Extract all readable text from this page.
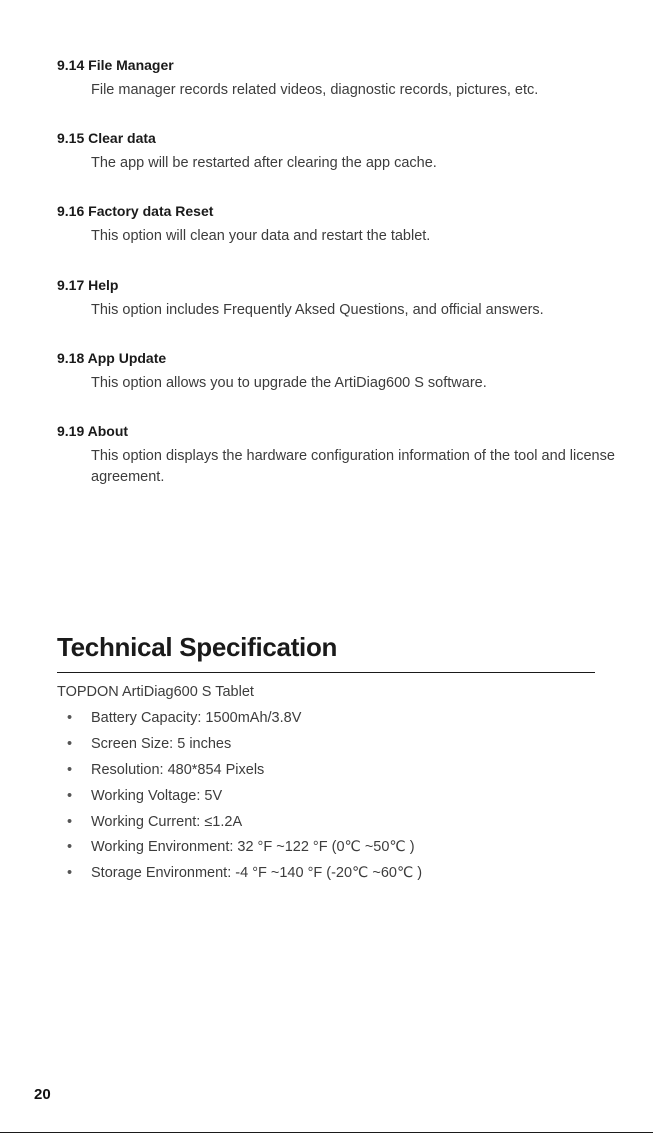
9.14 File Manager
File manager records related videos, diagnostic records, pictures, etc.
9.15 Clear data
The app will be restarted after clearing the app cache.
9.16 Factory data Reset
This option will clean your data and restart the tablet.
9.17 Help
This option includes Frequently Aksed Questions, and official answers.
9.18 App Update
This option allows you to upgrade the ArtiDiag600 S software.
9.19 About
This option displays the hardware configuration information of the tool and license agreement.
Technical Specification
TOPDON ArtiDiag600 S Tablet
• Battery Capacity: 1500mAh/3.8V
• Screen Size: 5 inches
• Resolution: 480*854 Pixels
• Working Voltage: 5V
• Working Current: ≤1.2A
• Working Environment: 32 °F ~122 °F (0℃ ~50℃ )
• Storage Environment: -4 °F ~140 °F (-20℃ ~60℃ )
20
